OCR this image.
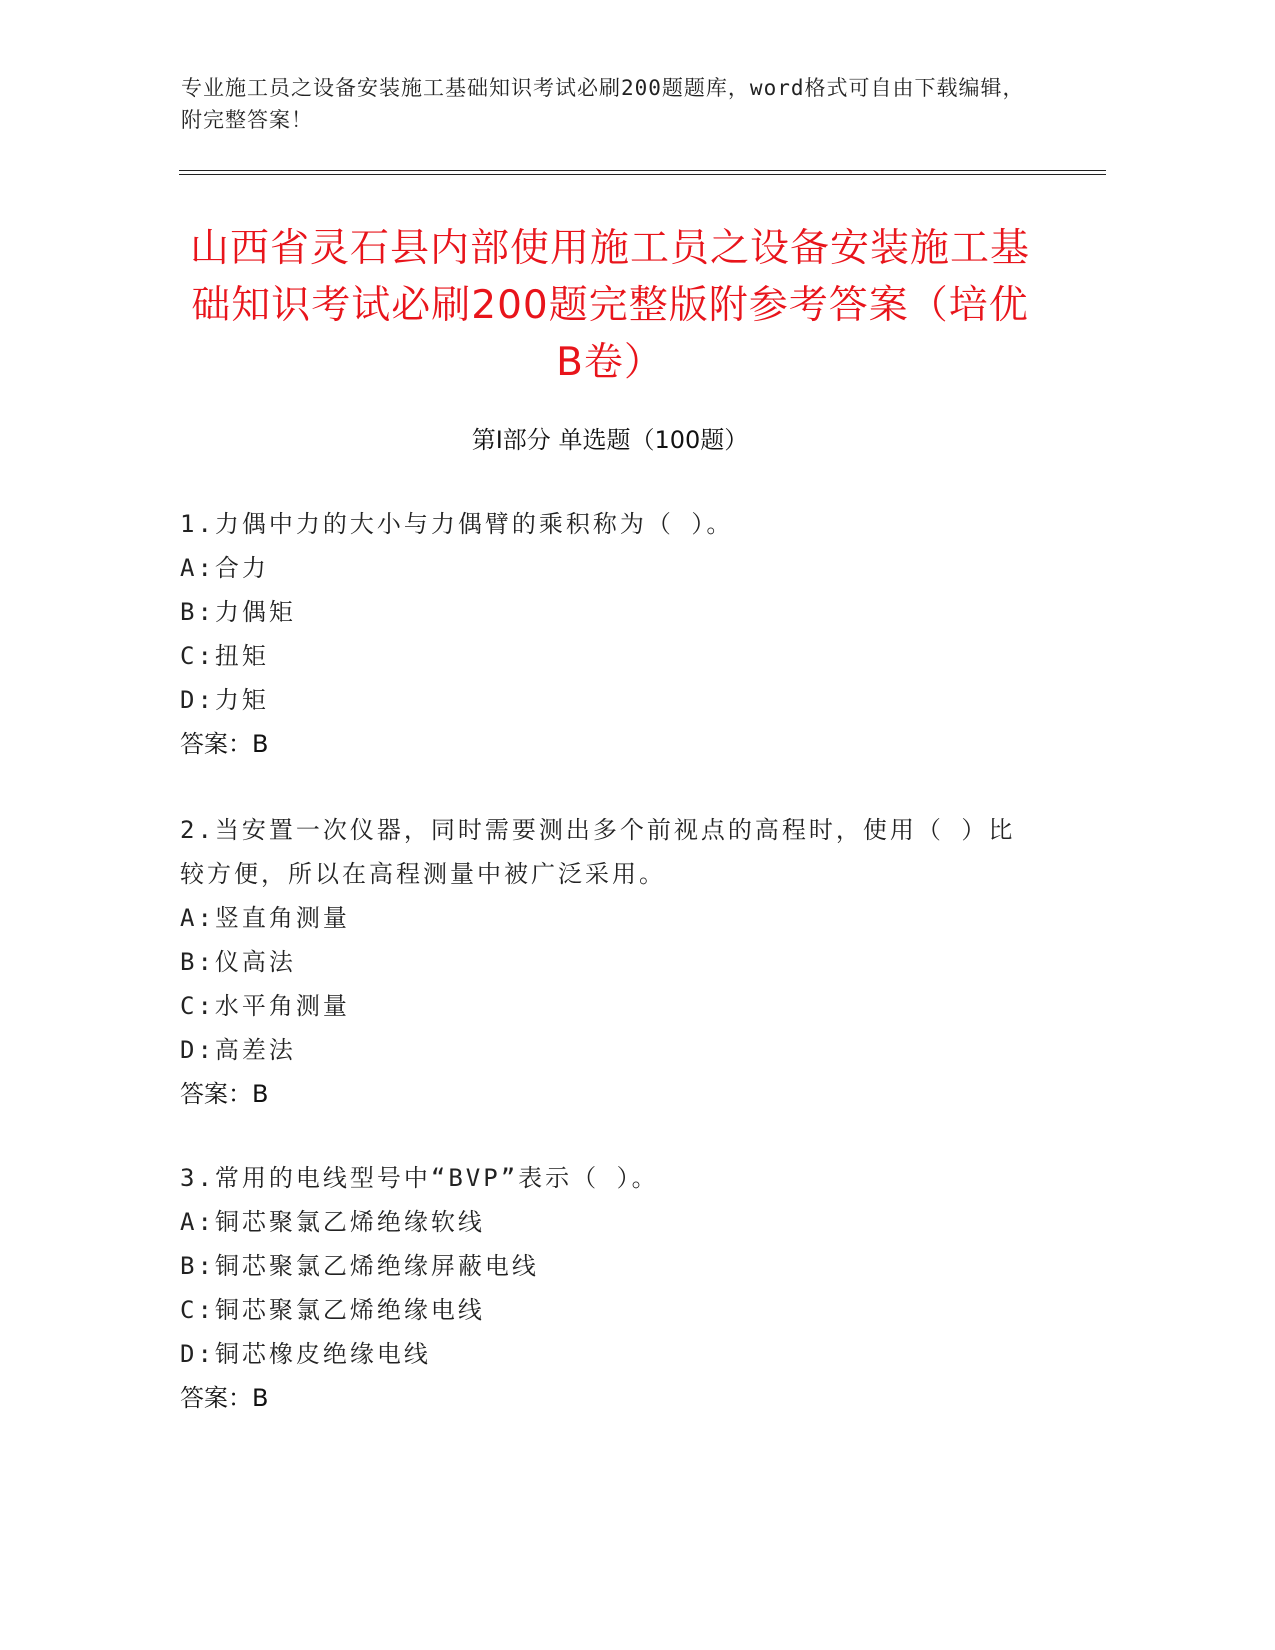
专业施工员之设备安装施工基础知识考试必刷200题题库，word格式可自由下载编辑，附完整答案！
山西省灵石县内部使用施工员之设备安装施工基础知识考试必刷200题完整版附参考答案（培优B卷）
第Ⅰ部分 单选题（100题）

1.力偶中力的大小与力偶臂的乘积称为（ ）。

A:合力

B:力偶矩

C:扭矩

D:力矩

答案：B

2.当安置一次仪器，同时需要测出多个前视点的高程时，使用（ ）比较方便，所以在高程测量中被广泛采用。

A:竖直角测量

B:仪高法

C:水平角测量

D:高差法

答案：B

3.常用的电线型号中“BVP”表示（ ）。

A:铜芯聚氯乙烯绝缘软线

B:铜芯聚氯乙烯绝缘屏蔽电线

C:铜芯聚氯乙烯绝缘电线

D:铜芯橡皮绝缘电线

答案：B
